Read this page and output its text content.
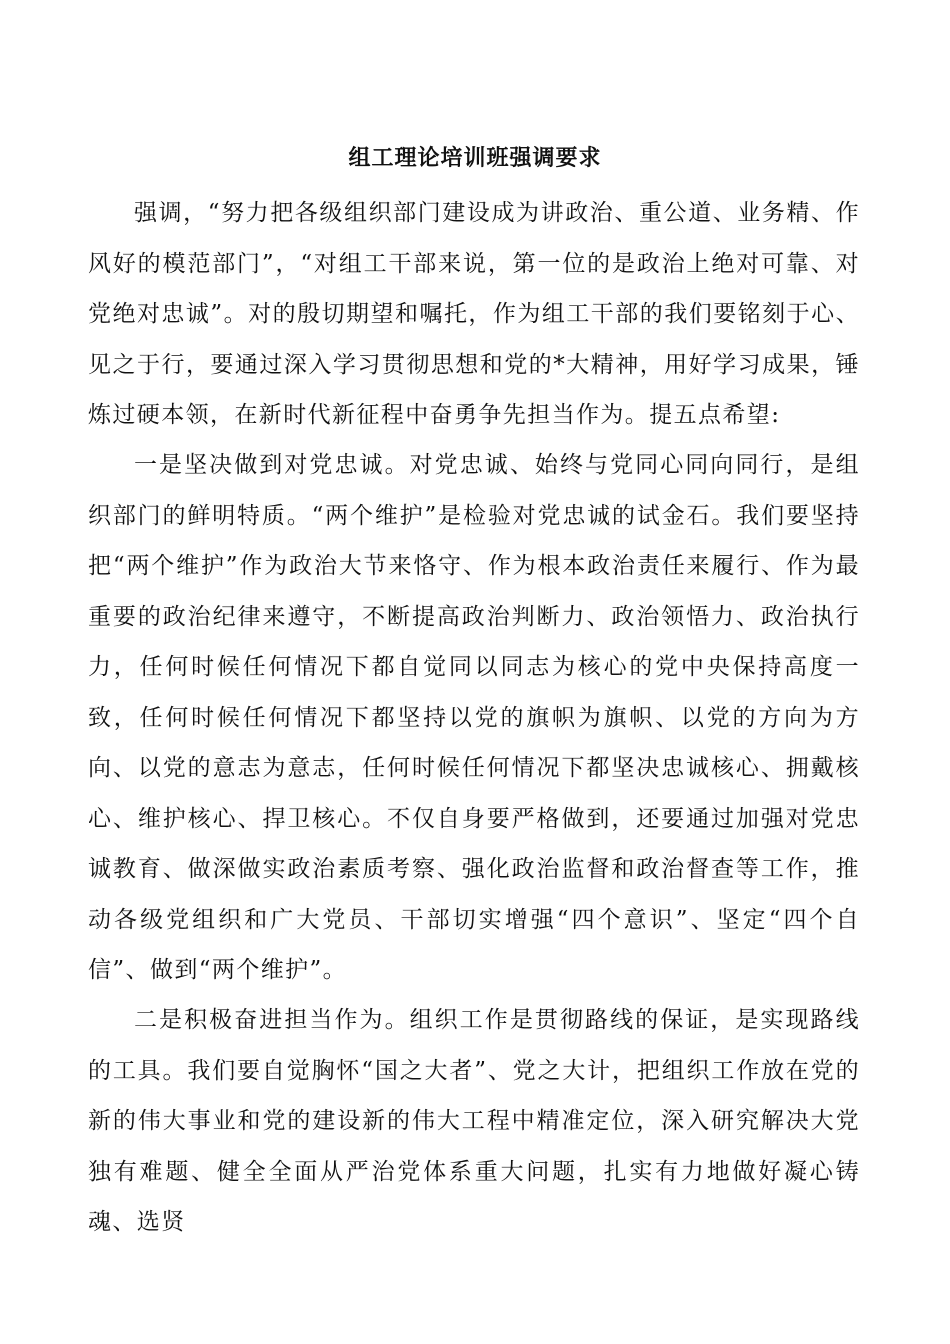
组工理论培训班强调要求

强调，“努力把各级组织部门建设成为讲政治、重公道、业务精、作风好的模范部门”，“对组工干部来说，第一位的是政治上绝对可靠、对党绝对忠诚”。对的殷切期望和嘱托，作为组工干部的我们要铭刻于心、见之于行，要通过深入学习贯彻思想和党的*大精神，用好学习成果，锤炼过硬本领，在新时代新征程中奋勇争先担当作为。提五点希望:

一是坚决做到对党忠诚。对党忠诚、始终与党同心同向同行，是组织部门的鲜明特质。“两个维护”是检验对党忠诚的试金石。我们要坚持把“两个维护”作为政治大节来恪守、作为根本政治责任来履行、作为最重要的政治纪律来遵守，不断提高政治判断力、政治领悟力、政治执行力，任何时候任何情况下都自觉同以同志为核心的党中央保持高度一致，任何时候任何情况下都坚持以党的旗帜为旗帜、以党的方向为方向、以党的意志为意志，任何时候任何情况下都坚决忠诚核心、拥戴核心、维护核心、捍卫核心。不仅自身要严格做到，还要通过加强对党忠诚教育、做深做实政治素质考察、强化政治监督和政治督查等工作，推动各级党组织和广大党员、干部切实增强“四个意识”、坚定“四个自信”、做到“两个维护”。

二是积极奋进担当作为。组织工作是贯彻路线的保证，是实现路线的工具。我们要自觉胸怀“国之大者”、党之大计，把组织工作放在党的新的伟大事业和党的建设新的伟大工程中精准定位，深入研究解决大党独有难题、健全全面从严治党体系重大问题，扎实有力地做好凝心铸魂、选贤
